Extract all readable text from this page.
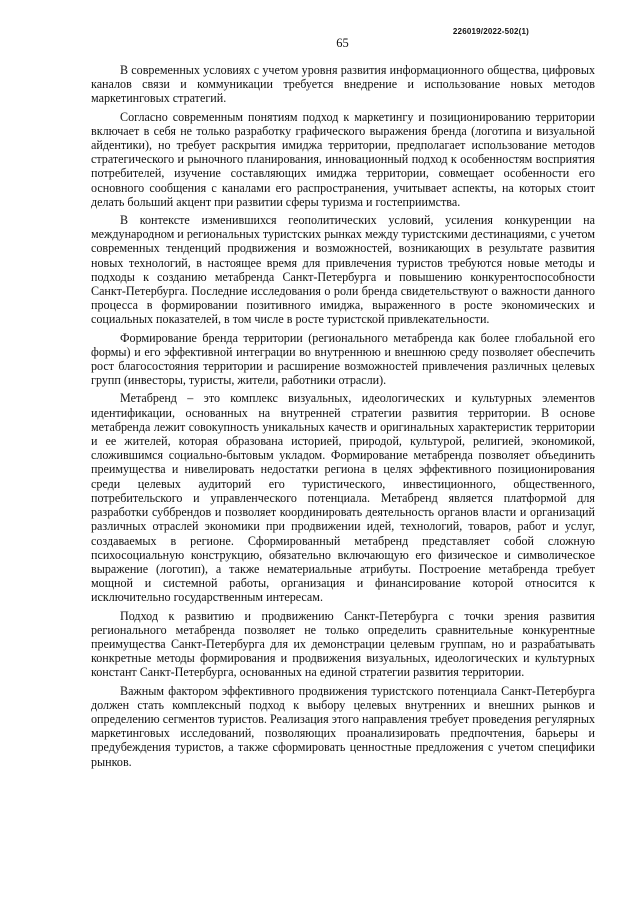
226019/2022-502(1)
65

В современных условиях с учетом уровня развития информационного общества, цифровых каналов связи и коммуникации требуется внедрение и использование новых методов маркетинговых стратегий.

Согласно современным понятиям подход к маркетингу и позиционированию территории включает в себя не только разработку графического выражения бренда (логотипа и визуальной айдентики), но требует раскрытия имиджа территории, предполагает использование методов стратегического и рыночного планирования, инновационный подход к особенностям восприятия потребителей, изучение составляющих имиджа территории, совмещает особенности его основного сообщения с каналами его распространения, учитывает аспекты, на которых стоит делать больший акцент при развитии сферы туризма и гостеприимства.

В контексте изменившихся геополитических условий, усиления конкуренции на международном и региональных туристских рынках между туристскими дестинациями, с учетом современных тенденций продвижения и возможностей, возникающих в результате развития новых технологий, в настоящее время для привлечения туристов требуются новые методы и подходы к созданию метабренда Санкт-Петербурга и повышению конкурентоспособности Санкт-Петербурга. Последние исследования о роли бренда свидетельствуют о важности данного процесса в формировании позитивного имиджа, выраженного в росте экономических и социальных показателей, в том числе в росте туристской привлекательности.

Формирование бренда территории (регионального метабренда как более глобальной его формы) и его эффективной интеграции во внутреннюю и внешнюю среду позволяет обеспечить рост благосостояния территории и расширение возможностей привлечения различных целевых групп (инвесторы, туристы, жители, работники отрасли).

Метабренд – это комплекс визуальных, идеологических и культурных элементов идентификации, основанных на внутренней стратегии развития территории. В основе метабренда лежит совокупность уникальных качеств и оригинальных характеристик территории и ее жителей, которая образована историей, природой, культурой, религией, экономикой, сложившимся социально-бытовым укладом. Формирование метабренда позволяет объединить преимущества и нивелировать недостатки региона в целях эффективного позиционирования среди целевых аудиторий его туристического, инвестиционного, общественного, потребительского и управленческого потенциала. Метабренд является платформой для разработки суббрендов и позволяет координировать деятельность органов власти и организаций различных отраслей экономики при продвижении идей, технологий, товаров, работ и услуг, создаваемых в регионе. Сформированный метабренд представляет собой сложную психосоциальную конструкцию, обязательно включающую его физическое и символическое выражение (логотип), а также нематериальные атрибуты. Построение метабренда требует мощной и системной работы, организация и финансирование которой относится к исключительно государственным интересам.

Подход к развитию и продвижению Санкт-Петербурга с точки зрения развития регионального метабренда позволяет не только определить сравнительные конкурентные преимущества Санкт-Петербурга для их демонстрации целевым группам, но и разрабатывать конкретные методы формирования и продвижения визуальных, идеологических и культурных констант Санкт-Петербурга, основанных на единой стратегии развития территории.

Важным фактором эффективного продвижения туристского потенциала Санкт-Петербурга должен стать комплексный подход к выбору целевых внутренних и внешних рынков и определению сегментов туристов. Реализация этого направления требует проведения регулярных маркетинговых исследований, позволяющих проанализировать предпочтения, барьеры и предубеждения туристов, а также сформировать ценностные предложения с учетом специфики рынков.
